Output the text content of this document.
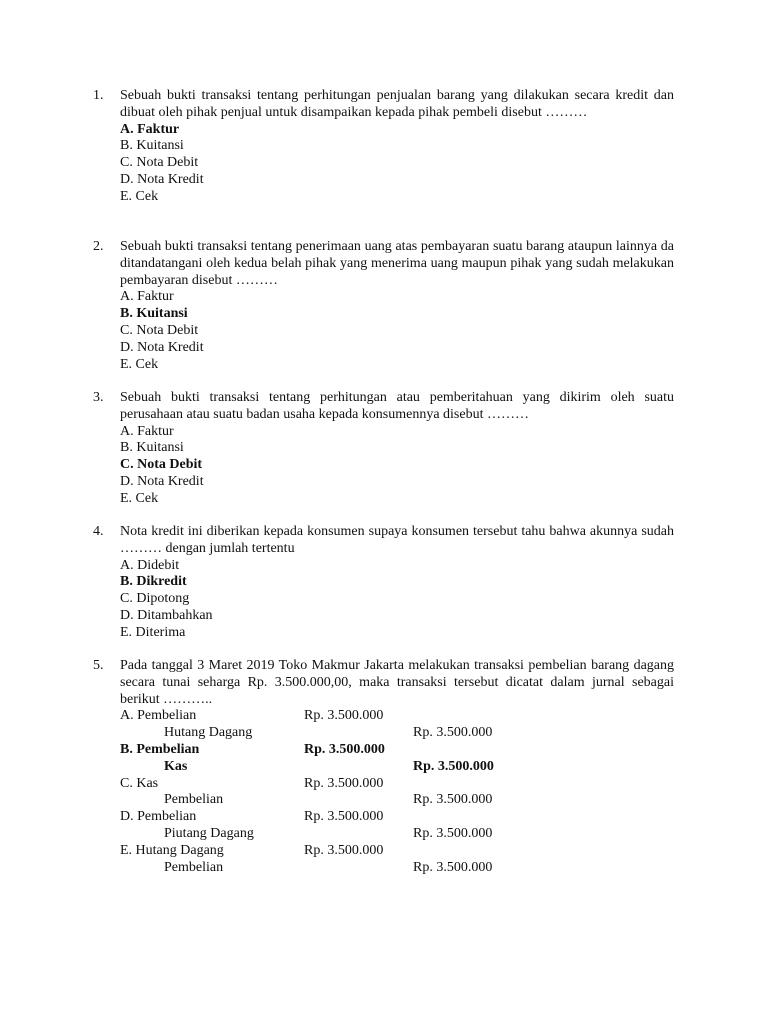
1. Sebuah bukti transaksi tentang perhitungan penjualan barang yang dilakukan secara kredit dan dibuat oleh pihak penjual untuk disampaikan kepada pihak pembeli disebut ………

A. Faktur

B. Kuitansi

C. Nota Debit

D. Nota Kredit

E. Cek

2. Sebuah bukti transaksi tentang penerimaan uang atas pembayaran suatu barang ataupun lainnya da ditandatangani oleh kedua belah pihak yang menerima uang maupun pihak yang sudah melakukan pembayaran disebut ………

A. Faktur

B. Kuitansi

C. Nota Debit

D. Nota Kredit

E. Cek

3. Sebuah bukti transaksi tentang perhitungan atau pemberitahuan yang dikirim oleh suatu perusahaan atau suatu badan usaha kepada konsumennya disebut ………

A. Faktur

B. Kuitansi

C. Nota Debit

D. Nota Kredit

E. Cek

4. Nota kredit ini diberikan kepada konsumen supaya konsumen tersebut tahu bahwa akunnya sudah ……… dengan jumlah tertentu

A. Didebit

B. Dikredit

C. Dipotong

D. Ditambahkan

E. Diterima

5. Pada tanggal 3 Maret 2019 Toko Makmur Jakarta melakukan transaksi pembelian barang dagang secara tunai seharga Rp. 3.500.000,00, maka transaksi tersebut dicatat dalam jurnal sebagai berikut ………..

A. Pembelian	Rp. 3.500.000
Hutang Dagang	Rp. 3.500.000
B. Pembelian	Rp. 3.500.000
Kas	Rp. 3.500.000
C. Kas	Rp. 3.500.000
Pembelian	Rp. 3.500.000
D. Pembelian	Rp. 3.500.000
Piutang Dagang	Rp. 3.500.000
E. Hutang Dagang	Rp. 3.500.000
Pembelian	Rp. 3.500.000
